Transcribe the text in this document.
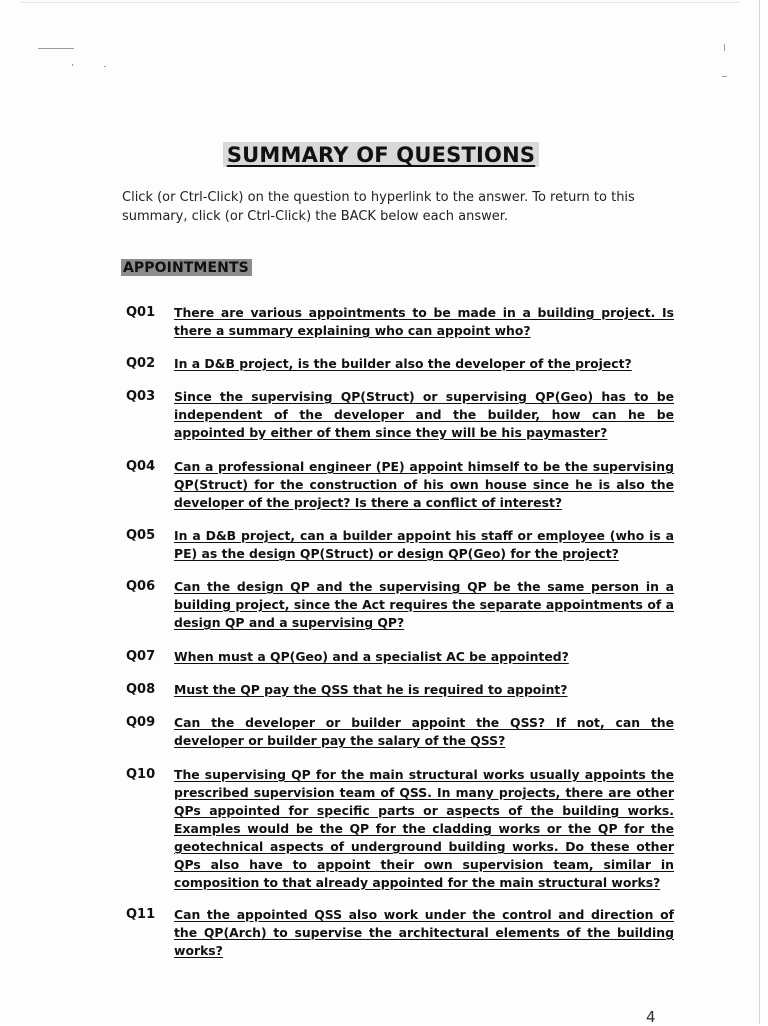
SUMMARY OF QUESTIONS
Click (or Ctrl-Click) on the question to hyperlink to the answer. To return to this summary, click (or Ctrl-Click) the BACK below each answer.
APPOINTMENTS
Q01	There are various appointments to be made in a building project. Is there a summary explaining who can appoint who?
Q02	In a D&B project, is the builder also the developer of the project?
Q03	Since the supervising QP(Struct) or supervising QP(Geo) has to be independent of the developer and the builder, how can he be appointed by either of them since they will be his paymaster?
Q04	Can a professional engineer (PE) appoint himself to be the supervising QP(Struct) for the construction of his own house since he is also the developer of the project? Is there a conflict of interest?
Q05	In a D&B project, can a builder appoint his staff or employee (who is a PE) as the design QP(Struct) or design QP(Geo) for the project?
Q06	Can the design QP and the supervising QP be the same person in a building project, since the Act requires the separate appointments of a design QP and a supervising QP?
Q07	When must a QP(Geo) and a specialist AC be appointed?
Q08	Must the QP pay the QSS that he is required to appoint?
Q09	Can the developer or builder appoint the QSS? If not, can the developer or builder pay the salary of the QSS?
Q10	The supervising QP for the main structural works usually appoints the prescribed supervision team of QSS. In many projects, there are other QPs appointed for specific parts or aspects of the building works. Examples would be the QP for the cladding works or the QP for the geotechnical aspects of underground building works. Do these other QPs also have to appoint their own supervision team, similar in composition to that already appointed for the main structural works?
Q11	Can the appointed QSS also work under the control and direction of the QP(Arch) to supervise the architectural elements of the building works?
4
